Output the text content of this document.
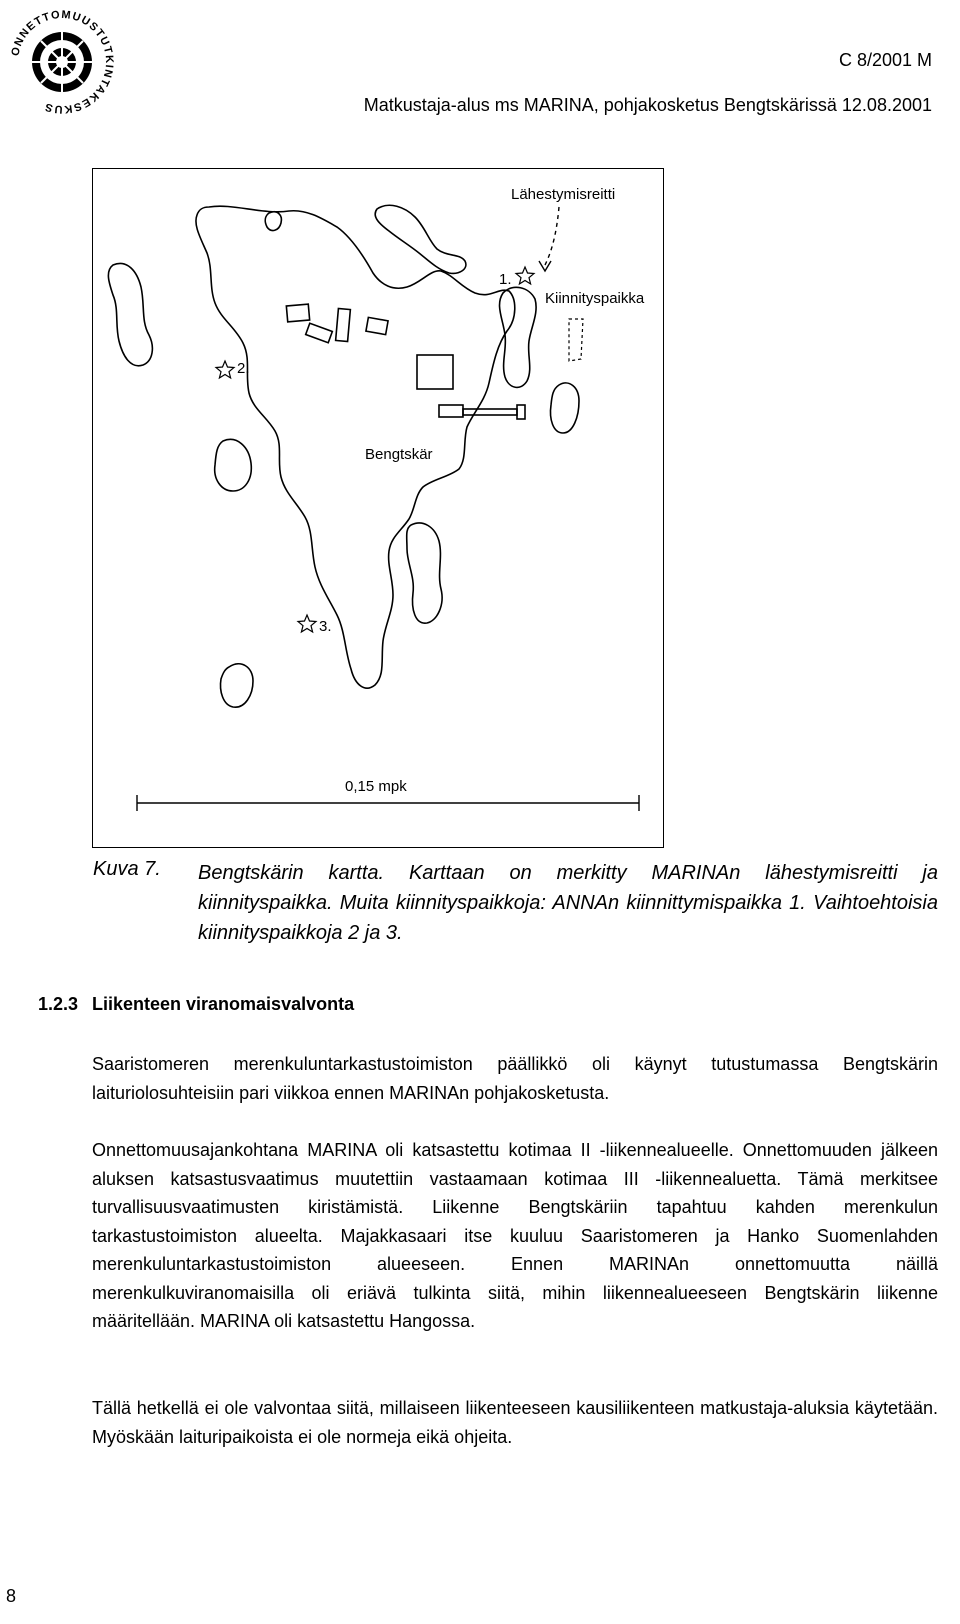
ONNETTOMUUSTUTKINTAKESKUS
C 8/2001 M
Matkustaja-alus ms MARINA, pohjakosketus Bengtskärissä 12.08.2001
Lähestymisreitti
1.
Kiinnityspaikka
2.
Bengtskär
3.
0,15 mpk
Kuva 7. Bengtskärin kartta. Karttaan on merkitty MARINAn lähestymisreitti ja kiinnityspaikka. Muita kiinnityspaikkoja: ANNAn kiinnittymispaikka 1. Vaihtoehtoisia kiinnityspaikkoja 2 ja 3.
1.2.3 Liikenteen viranomaisvalvonta

Saaristomeren merenkuluntarkastustoimiston päällikkö oli käynyt tutustumassa Bengtskärin laituriolosuhteisiin pari viikkoa ennen MARINAn pohjakosketusta.

Onnettomuusajankohtana MARINA oli katsastettu kotimaa II -liikennealueelle. Onnettomuuden jälkeen aluksen katsastusvaatimus muutettiin vastaamaan kotimaa III -liikennealuetta. Tämä merkitsee turvallisuusvaatimusten kiristämistä. Liikenne Bengtskäriin tapahtuu kahden merenkulun tarkastustoimiston alueelta. Majakkasaari itse kuuluu Saaristomeren ja Hanko Suomenlahden merenkuluntarkastustoimiston alueeseen. Ennen MARINAn onnettomuutta näillä merenkulkuviranomaisilla oli eriävä tulkinta siitä, mihin liikennealueeseen Bengtskärin liikenne määritellään. MARINA oli katsastettu Hangossa.

Tällä hetkellä ei ole valvontaa siitä, millaiseen liikenteeseen kausiliikenteen matkustaja-aluksia käytetään. Myöskään laituripaikoista ei ole normeja eikä ohjeita.

8
